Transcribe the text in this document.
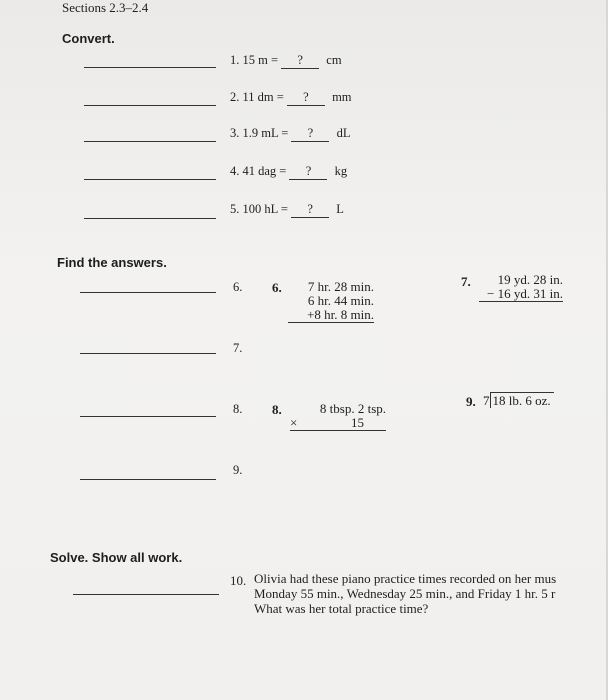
Sections 2.3–2.4
Convert.
1. 15 m = ? cm
2. 11 dm = ? mm
3. 1.9 mL = ? dL
4. 41 dag = ? kg
5. 100 hL = ? L
Find the answers.
6.
7.
8.
9.
6.	7 hr. 28 min.
6 hr. 44 min.
+8 hr. 8 min.
7.	19 yd. 28 in.
− 16 yd. 31 in.
8.	8 tbsp. 2 tsp.
×	15
9. 7 18 lb. 6 oz.
Solve. Show all work.
10. Olivia had these piano practice times recorded on her mus
Monday 55 min., Wednesday 25 min., and Friday 1 hr. 5 r
What was her total practice time?
